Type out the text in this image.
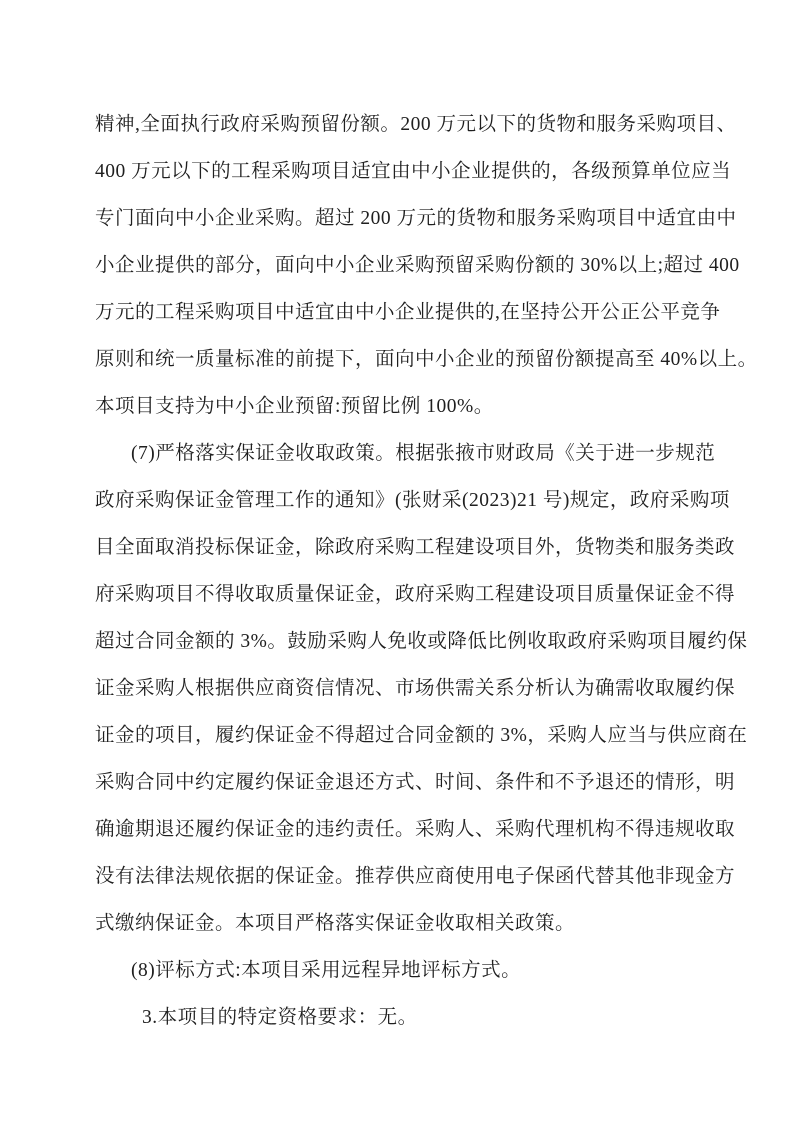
精神,全面执行政府采购预留份额。200 万元以下的货物和服务采购项目、
400 万元以下的工程采购项目适宜由中小企业提供的，各级预算单位应当
专门面向中小企业采购。超过 200 万元的货物和服务采购项目中适宜由中
小企业提供的部分，面向中小企业采购预留采购份额的 30%以上;超过 400
万元的工程采购项目中适宜由中小企业提供的,在坚持公开公正公平竞争
原则和统一质量标准的前提下，面向中小企业的预留份额提高至 40%以上。
本项目支持为中小企业预留:预留比例 100%。
(7)严格落实保证金收取政策。根据张掖市财政局《关于进一步规范
政府采购保证金管理工作的通知》(张财采(2023)21 号)规定，政府采购项
目全面取消投标保证金，除政府采购工程建设项目外，货物类和服务类政
府采购项目不得收取质量保证金，政府采购工程建设项目质量保证金不得
超过合同金额的 3%。鼓励采购人免收或降低比例收取政府采购项目履约保
证金采购人根据供应商资信情况、市场供需关系分析认为确需收取履约保
证金的项目，履约保证金不得超过合同金额的 3%，采购人应当与供应商在
采购合同中约定履约保证金退还方式、时间、条件和不予退还的情形，明
确逾期退还履约保证金的违约责任。采购人、采购代理机构不得违规收取
没有法律法规依据的保证金。推荐供应商使用电子保函代替其他非现金方
式缴纳保证金。本项目严格落实保证金收取相关政策。
(8)评标方式:本项目采用远程异地评标方式。
3.本项目的特定资格要求：无。
